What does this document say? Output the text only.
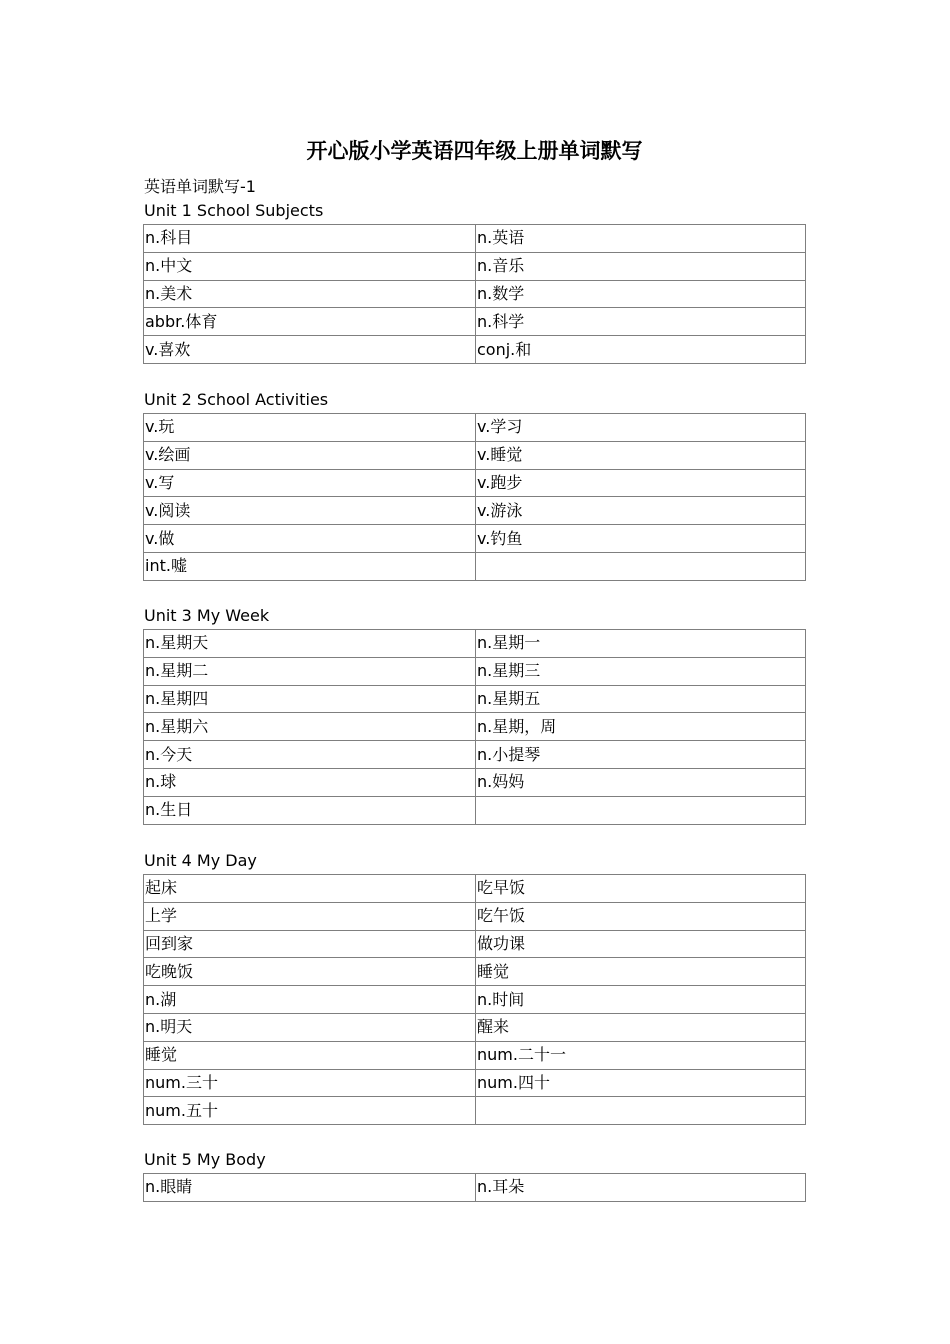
开心版小学英语四年级上册单词默写
英语单词默写-1
Unit 1 School Subjects
n.科目	n.英语
n.中文	n.音乐
n.美术	n.数学
abbr.体育	n.科学
v.喜欢	conj.和
Unit 2 School Activities
v.玩	v.学习
v.绘画	v.睡觉
v.写	v.跑步
v.阅读	v.游泳
v.做	v.钓鱼
int.嘘	
Unit 3 My Week
n.星期天	n.星期一
n.星期二	n.星期三
n.星期四	n.星期五
n.星期六	n.星期，周
n.今天	n.小提琴
n.球	n.妈妈
n.生日	
Unit 4 My Day
起床	吃早饭
上学	吃午饭
回到家	做功课
吃晚饭	睡觉
n.湖	n.时间
n.明天	醒来
睡觉	num.二十一
num.三十	num.四十
num.五十	
Unit 5 My Body
n.眼睛	n.耳朵
